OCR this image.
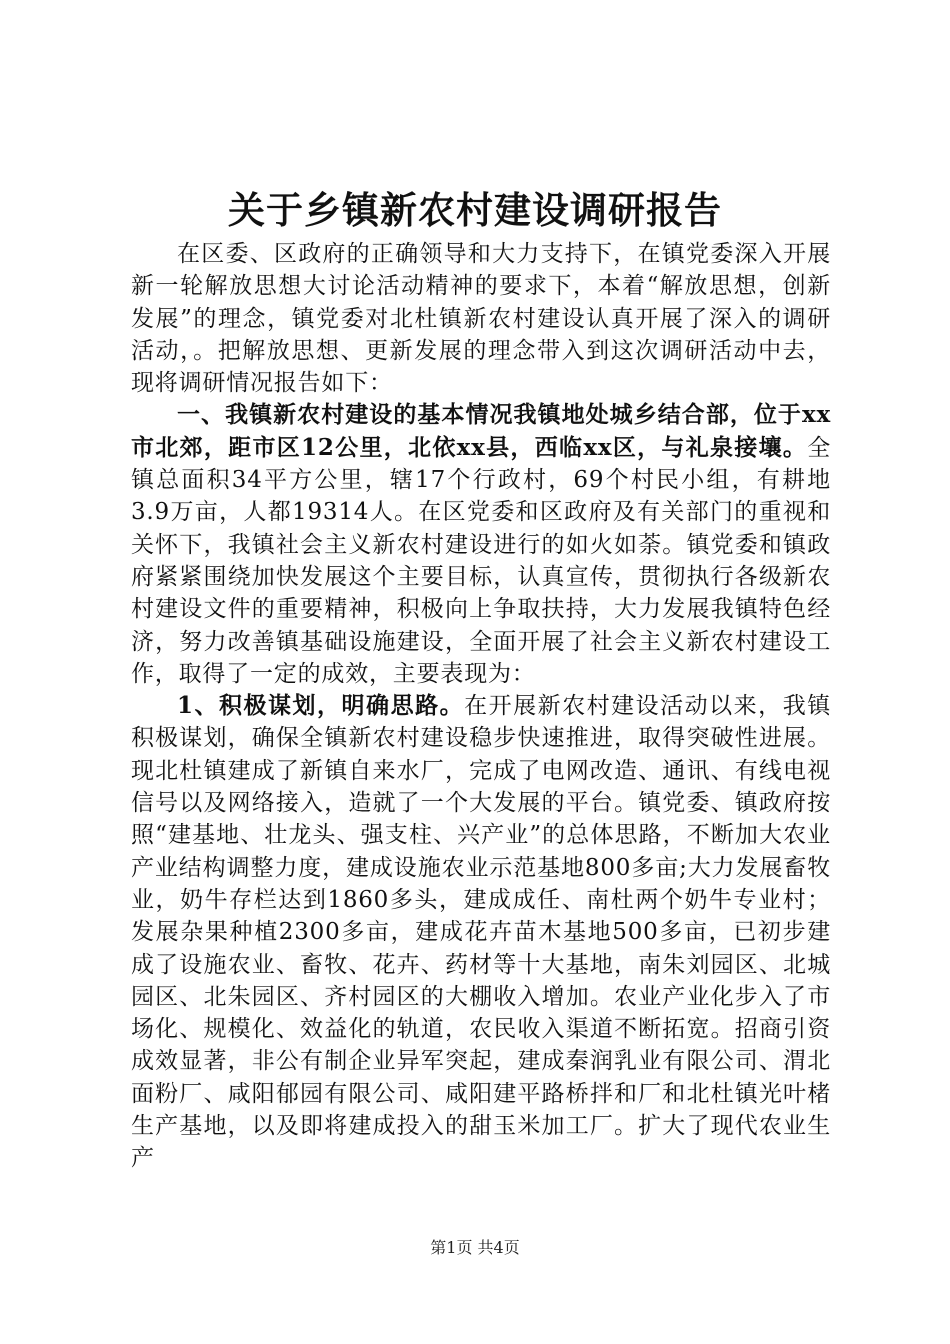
关于乡镇新农村建设调研报告

在区委、区政府的正确领导和大力支持下，在镇党委深入开展新一轮解放思想大讨论活动精神的要求下，本着“解放思想，创新发展”的理念，镇党委对北杜镇新农村建设认真开展了深入的调研活动，。把解放思想、更新发展的理念带入到这次调研活动中去，现将调研情况报告如下：

一、我镇新农村建设的基本情况我镇地处城乡结合部，位于xx市北郊，距市区12公里，北依xx县，西临xx区，与礼泉接壤。全镇总面积34平方公里，辖17个行政村，69个村民小组，有耕地3.9万亩，人都19314人。在区党委和区政府及有关部门的重视和关怀下，我镇社会主义新农村建设进行的如火如荼。镇党委和镇政府紧紧围绕加快发展这个主要目标，认真宣传，贯彻执行各级新农村建设文件的重要精神，积极向上争取扶持，大力发展我镇特色经济，努力改善镇基础设施建设，全面开展了社会主义新农村建设工作，取得了一定的成效，主要表现为：

1、积极谋划，明确思路。在开展新农村建设活动以来，我镇积极谋划，确保全镇新农村建设稳步快速推进，取得突破性进展。现北杜镇建成了新镇自来水厂，完成了电网改造、通讯、有线电视信号以及网络接入，造就了一个大发展的平台。镇党委、镇政府按照“建基地、壮龙头、强支柱、兴产业”的总体思路，不断加大农业产业结构调整力度，建成设施农业示范基地800多亩;大力发展畜牧业，奶牛存栏达到1860多头，建成成任、南杜两个奶牛专业村；发展杂果种植2300多亩，建成花卉苗木基地500多亩，已初步建成了设施农业、畜牧、花卉、药材等十大基地，南朱刘园区、北城园区、北朱园区、齐村园区的大棚收入增加。农业产业化步入了市场化、规模化、效益化的轨道，农民收入渠道不断拓宽。招商引资成效显著，非公有制企业异军突起，建成秦润乳业有限公司、渭北面粉厂、咸阳郁园有限公司、咸阳建平路桥拌和厂和北杜镇光叶楮生产基地，以及即将建成投入的甜玉米加工厂。扩大了现代农业生产

第1页 共4页
